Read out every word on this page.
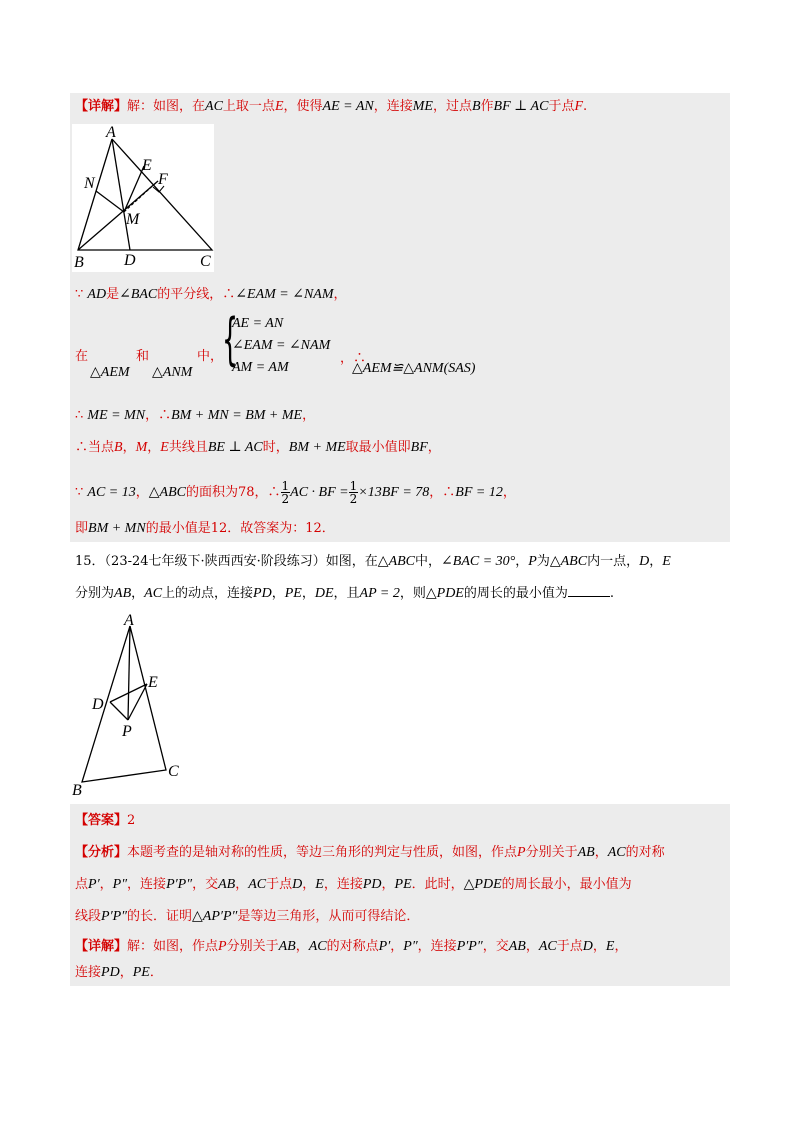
【详解】解：如图，在AC上取一点E，使得AE = AN，连接ME，过点B作BF ⊥ AC于点F.
A
N
E
F
M
B	D	C
∵ AD是∠BAC的平分线，∴∠EAM = ∠NAM，
在	和	中，
△AEM △ANM
{
AE = AN
∠EAM = ∠NAM
AM = AM
，∴
△AEM≌△ANM(SAS)
∴ ME = MN，∴BM + MN = BM + ME，
∴当点B，M，E共线且BE ⊥ AC时，BM + ME取最小值即BF，
∵ AC = 13，△ABC的面积为78，∴ $\frac{1}{2}$ AC · BF = $\frac{1}{2} \times 13BF = 78$，∴BF = 12，
即BM + MN的最小值是12．故答案为：12．
15．（23-24七年级下·陕西西安·阶段练习）如图，在△ABC中，∠BAC = 30°，P为△ABC内一点，D，E
分别为AB，AC上的动点，连接PD，PE，DE，且AP = 2，则△PDE的周长的最小值为	.
A
E
D
P
C
B
【答案】2
【分析】本题考查的是轴对称的性质，等边三角形的判定与性质，如图，作点P分别关于AB，AC的对称
点P′，P″，连接P′P″，交AB，AC于点D，E，连接PD，PE．此时，△PDE的周长最小，最小值为
线段P′P″的长．证明△AP′P″是等边三角形，从而可得结论．
【详解】解：如图，作点P分别关于AB，AC的对称点P′，P″，连接P′P″，交AB，AC于点D，E，
连接PD，PE．
